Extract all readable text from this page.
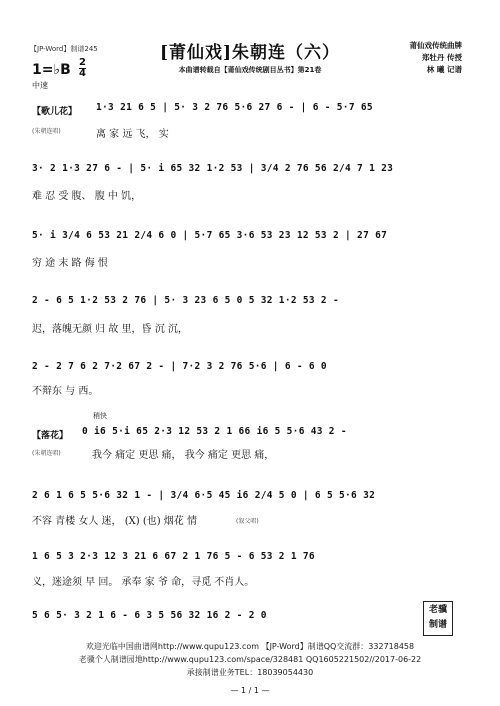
【JP-Word】制谱245	[莆仙戏]朱朝连（六）	莆仙戏传统曲牌
郑牡丹 传授
林 曦 记谱
1=♭B 2
4
中速
本曲谱转载自【莆仙戏传统剧目丛书】第21卷
【歌儿花】
(朱朝连唱)
1·3 21 6 5 | 5· 3 2 76 5·6 27 6 - | 6 - 5·7 65
离 家 远 飞， 实
3· 2 1·3 27 6 - | 5· i 65 32 1·2 53 | 3/4 2 76 56 2/4 7 1 23
难 忍 受 腹、 腹 中 饥，
5· i 3/4 6 53 21 2/4 6 0 | 5·7 65 3·6 53 23 12 53 2 | 27 67
穷 途 末 路 侮 恨
2 - 6 5 1·2 53 2 76 | 5· 3 23 6 5 0 5 32 1·2 53 2 -
迟，落魄无颜 归 故 里，昏 沉 沉，
2 - 2 7 6 2 7·2 67 2 - | 7·2 3 2 76 5·6 | 6 - 6 0
不辩东 与 西。
稍快
【落花】
(朱朝连唱)
0 i6 5·i 65 2·3 12 53 2 1 66 i6 5 5·6 43 2 -
我今 痛定 更思 痛， 我今 痛定 更思 痛，
2 6 1 6 5 5·6 32 1 - | 3/4 6·5 45 i6 2/4 5 0 | 6 5 5·6 32
不容 青楼 女人 迷， (X) (也) 烟花 情	(叙父唱)
1 6 5 3 2·3 12 3 21 6 67 2 1 76 5 - 6 53 2 1 76
义，迷途须 早 回。 承奉 家 爷 命，寻觅 不肖人。
5 6 5· 3 2 1 6 - 6 3 5 56 32 16 2 - 2 0	老骥
制谱
欢迎光临中国曲谱网http://www.qupu123.com 【JP-Word】制谱QQ交流群：332718458
老骥个人制谱园地http://www.qupu123.com/space/328481 QQ1605221502//2017-06-22
承接制谱业务TEL：18039054430
— 1 / 1 —
